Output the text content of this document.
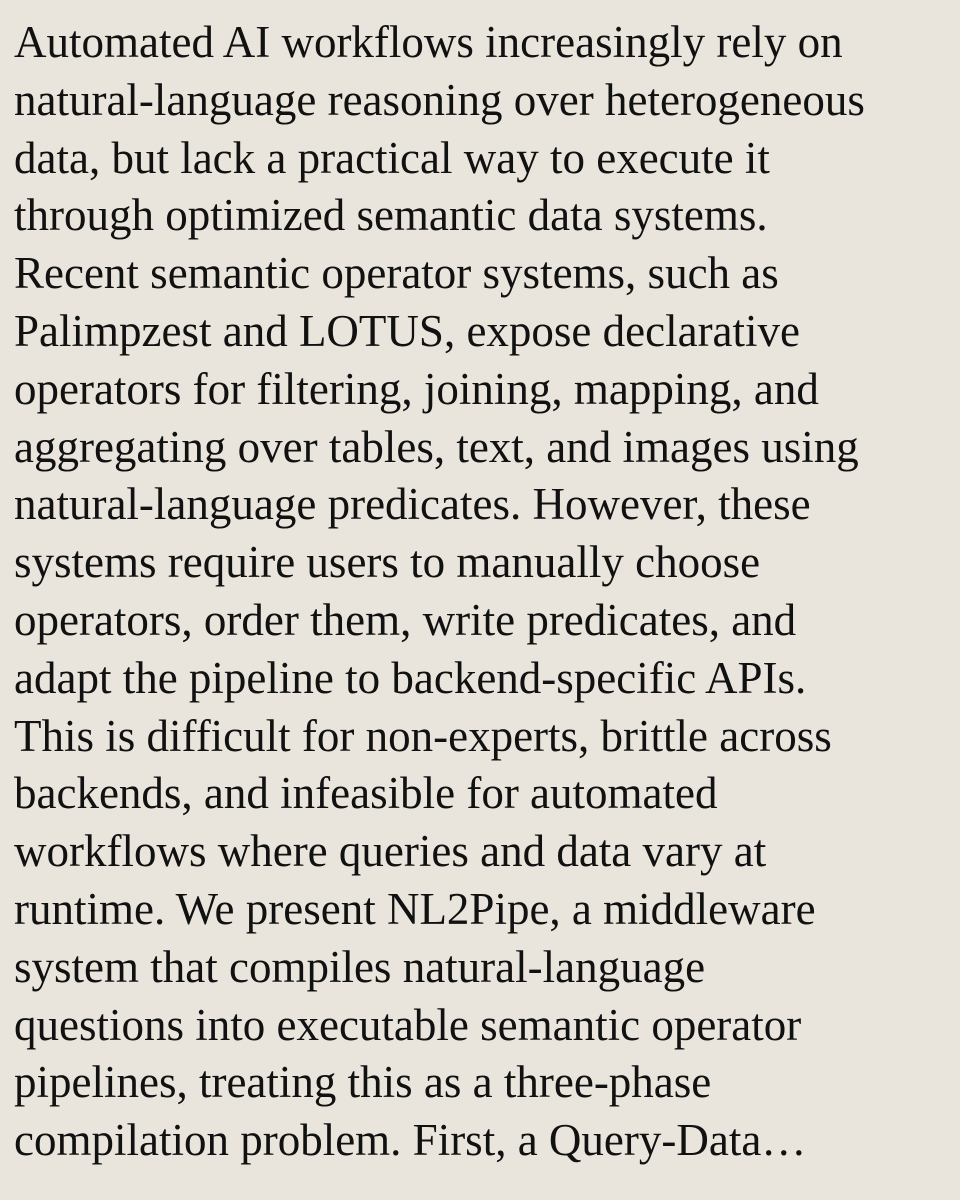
Automated AI workflows increasingly rely on
natural-language reasoning over heterogeneous
data, but lack a practical way to execute it
through optimized semantic data systems.
Recent semantic operator systems, such as
Palimpzest and LOTUS, expose declarative
operators for filtering, joining, mapping, and
aggregating over tables, text, and images using
natural-language predicates. However, these
systems require users to manually choose
operators, order them, write predicates, and
adapt the pipeline to backend-specific APIs.
This is difficult for non-experts, brittle across
backends, and infeasible for automated
workflows where queries and data vary at
runtime. We present NL2Pipe, a middleware
system that compiles natural-language
questions into executable semantic operator
pipelines, treating this as a three-phase
compilation problem. First, a Query-Data…
